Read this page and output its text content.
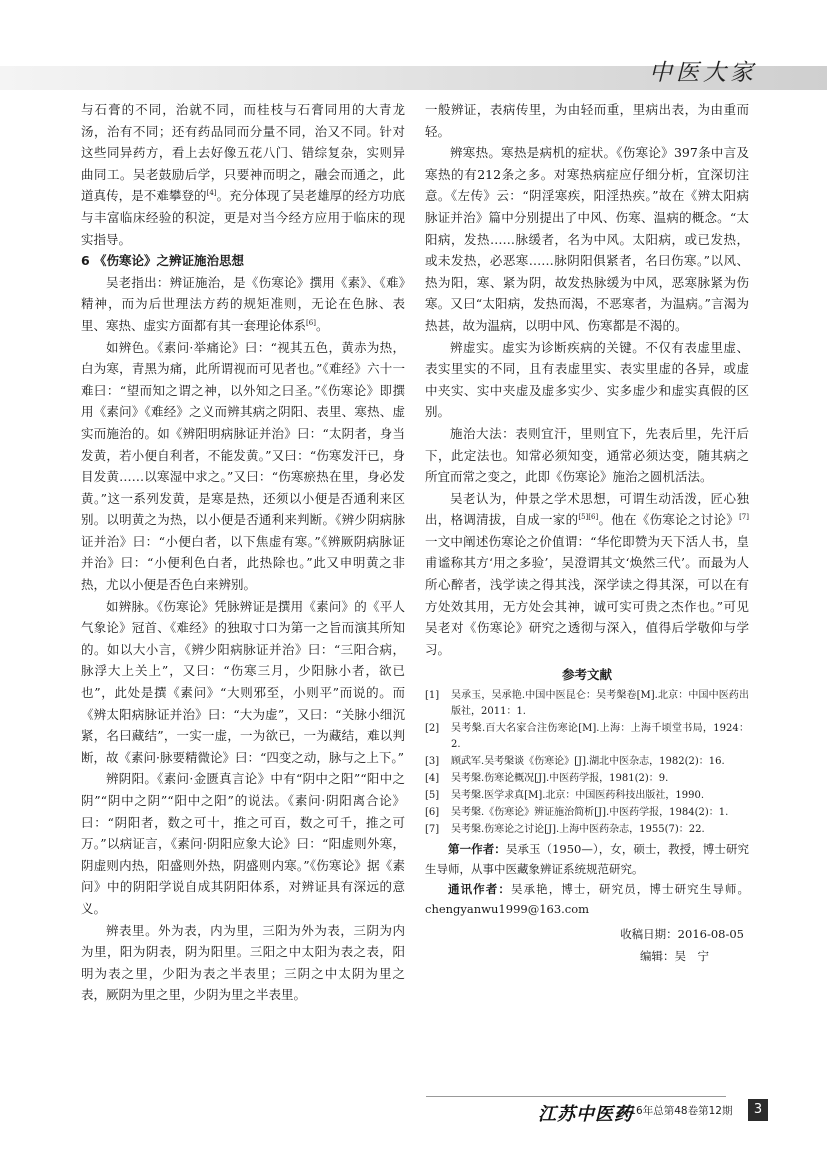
中医大家

与石膏的不同，治就不同，而桂枝与石膏同用的大青龙汤，治有不同；还有药品同而分量不同，治又不同。针对这些同异药方，看上去好像五花八门、错综复杂，实则异曲同工。吴老鼓励后学，只要神而明之，融会而通之，此道真传，是不难攀登的[4]。充分体现了吴老雄厚的经方功底与丰富临床经验的积淀，更是对当今经方应用于临床的现实指导。

6 《伤寒论》之辨证施治思想

吴老指出：辨证施治，是《伤寒论》撰用《素》、《难》精神，而为后世理法方药的规矩准则，无论在色脉、表里、寒热、虚实方面都有其一套理论体系[6]。

如辨色。《素问·举痛论》曰：“视其五色，黄赤为热，白为寒，青黑为痛，此所谓视而可见者也。”《难经》六十一难曰：“望而知之谓之神，以外知之曰圣。”《伤寒论》即撰用《素问》《难经》之义而辨其病之阴阳、表里、寒热、虚实而施治的。如《辨阳明病脉证并治》曰：“太阴者，身当发黄，若小便自利者，不能发黄。”又曰：“伤寒发汗已，身目发黄……以寒湿中求之。”又曰：“伤寒瘀热在里，身必发黄。”这一系列发黄，是寒是热，还须以小便是否通利来区别。以明黄之为热，以小便是否通利来判断。《辨少阴病脉证并治》曰：“小便白者，以下焦虚有寒。”《辨厥阴病脉证并治》曰：“小便利色白者，此热除也。”此又申明黄之非热，尤以小便是否色白来辨别。

如辨脉。《伤寒论》凭脉辨证是撰用《素问》的《平人气象论》冠首、《难经》的独取寸口为第一之旨而演其所知的。如以大小言，《辨少阳病脉证并治》曰：“三阳合病，脉浮大上关上”，又曰：“伤寒三月，少阳脉小者，欲已也”，此处是撰《素问》“大则邪至，小则平”而说的。而《辨太阳病脉证并治》曰：“大为虚”，又曰：“关脉小细沉紧，名曰藏结”，一实一虚，一为欲已，一为藏结，难以判断，故《素问·脉要精微论》曰：“四变之动，脉与之上下。”

辨阴阳。《素问·金匮真言论》中有“阴中之阳”“阳中之阴”“阴中之阴”“阳中之阳”的说法。《素问·阴阳离合论》曰：“阴阳者，数之可十，推之可百，数之可千，推之可万。”以病证言，《素问·阴阳应象大论》曰：“阳虚则外寒，阴虚则内热，阳盛则外热，阴盛则内寒。”《伤寒论》据《素问》中的阴阳学说自成其阴阳体系，对辨证具有深远的意义。

辨表里。外为表，内为里，三阳为外为表，三阴为内为里，阳为阴表，阴为阳里。三阳之中太阳为表之表，阳明为表之里，少阳为表之半表里；三阴之中太阴为里之表，厥阴为里之里，少阴为里之半表里。

一般辨证，表病传里，为由轻而重，里病出表，为由重而轻。

辨寒热。寒热是病机的症状。《伤寒论》397条中言及寒热的有212条之多。对寒热病症应仔细分析，宜深切注意。《左传》云：“阴淫寒疾，阳淫热疾。”故在《辨太阳病脉证并治》篇中分别提出了中风、伤寒、温病的概念。“太阳病，发热……脉缓者，名为中风。太阳病，或已发热，或未发热，必恶寒……脉阴阳俱紧者，名曰伤寒。”以风、热为阳，寒、紧为阴，故发热脉缓为中风，恶寒脉紧为伤寒。又曰“太阳病，发热而渴，不恶寒者，为温病。”言渴为热甚，故为温病，以明中风、伤寒都是不渴的。

辨虚实。虚实为诊断疾病的关键。不仅有表虚里虚、表实里实的不同，且有表虚里实、表实里虚的各异，或虚中夹实、实中夹虚及虚多实少、实多虚少和虚实真假的区别。

施治大法：表则宜汗，里则宜下，先表后里，先汗后下，此定法也。知常必须知变，通常必须达变，随其病之所宜而常之变之，此即《伤寒论》施治之圆机活法。

吴老认为，仲景之学术思想，可谓生动活泼，匠心独出，格调清拔，自成一家的[5][6]。他在《伤寒论之讨论》[7]一文中阐述伤寒论之价值谓：“华佗即赞为天下活人书，皇甫谧称其方‘用之多验’，吴澄谓其文‘焕然三代’。而最为人所心醉者，浅学读之得其浅，深学读之得其深，可以在有方处效其用，无方处会其神，诚可实可贵之杰作也。”可见吴老对《伤寒论》研究之透彻与深入，值得后学敬仰与学习。

参考文献
[1]	吴承玉，吴承艳.中国中医昆仑：吴考槃卷[M].北京：中国中医药出版社，2011：1.
[2]	吴考槃.百大名家合注伤寒论[M].上海：上海千顷堂书局，1924：2.
[3]	顾武军.吴考槃谈《伤寒论》[J].湖北中医杂志，1982(2)：16.
[4]	吴考槃.伤寒论概况[J].中医药学报，1981(2)：9.
[5]	吴考槃.医学求真[M].北京：中国医药科技出版社，1990.
[6]	吴考槃.《伤寒论》辨证施治简析[J].中医药学报，1984(2)：1.
[7]	吴考槃.伤寒论之讨论[J].上海中医药杂志，1955(7)：22.

第一作者：吴承玉（1950—），女，硕士，教授，博士研究生导师，从事中医藏象辨证系统规范研究。

通讯作者：吴承艳，博士，研究员，博士研究生导师。chengyanwu1999@163.com

收稿日期：2016-08-05
编辑：吴　宁
江苏中医药
2016年总第48卷第12期	3
